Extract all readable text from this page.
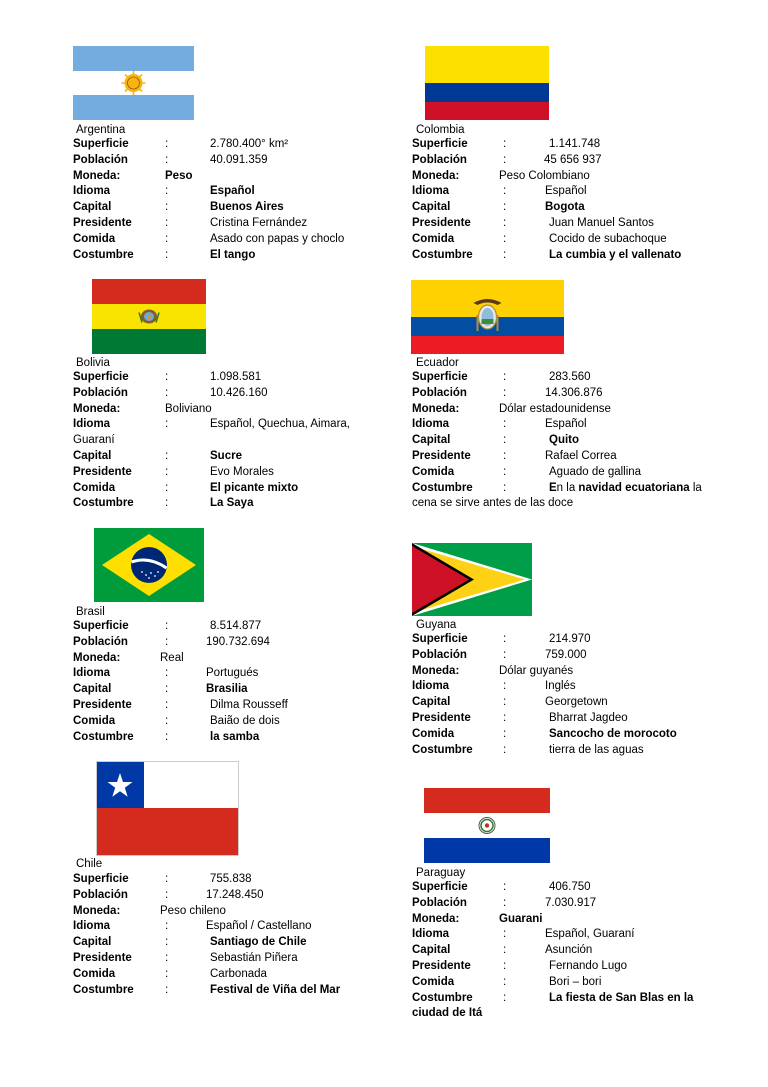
Argentina
Superficie	:	2.780.400° km²
Población	:	40.091.359
Moneda:	Peso
Idioma	:	Español
Capital	:	Buenos Aires
Presidente	:	Cristina Fernández
Comida	:	Asado con papas y choclo
Costumbre	:	El tango
Colombia
Superficie	:	1.141.748
Población	:	45 656 937
Moneda:	Peso Colombiano
Idioma	:	Español
Capital	:	Bogota
Presidente	:	Juan Manuel Santos
Comida	:	Cocido de subachoque
Costumbre	:	La cumbia y el vallenato
Bolivia
Superficie	:	1.098.581
Población	:	10.426.160
Moneda:	Boliviano
Idioma	:	Español, Quechua, Aimara,
Guaraní
Capital	:	Sucre
Presidente	:	Evo Morales
Comida	:	El picante mixto
Costumbre	:	La Saya
Ecuador
Superficie	:	283.560
Población	:	14.306.876
Moneda:	Dólar estadounidense
Idioma	:	Español
Capital	:	Quito
Presidente	:	Rafael Correa
Comida	:	Aguado de gallina
Costumbre	:	En la navidad ecuatoriana la
cena se sirve antes de las doce
Brasil
Superficie	:	8.514.877
Población	:	190.732.694
Moneda:	Real
Idioma	:	Portugués
Capital	:	Brasilia
Presidente	:	Dilma Rousseff
Comida	:	Baião de dois
Costumbre	:	la samba
Guyana
Superficie	:	214.970
Población	:	759.000
Moneda:	Dólar guyanés
Idioma	:	Inglés
Capital	:	Georgetown
Presidente	:	Bharrat Jagdeo
Comida	:	Sancocho de morocoto
Costumbre	:	tierra de las aguas
Chile
Superficie	:	755.838
Población	:	17.248.450
Moneda:	Peso chileno
Idioma	:	Español / Castellano
Capital	:	Santiago de Chile
Presidente	:	Sebastián Piñera
Comida	:	Carbonada
Costumbre	:	Festival de Viña del Mar
Paraguay
Superficie	:	406.750
Población	:	7.030.917
Moneda:	Guarani
Idioma	:	Español, Guaraní
Capital	:	Asunción
Presidente	:	Fernando Lugo
Comida	:	Bori – bori
Costumbre	:	La fiesta de San Blas en la
ciudad de Itá
